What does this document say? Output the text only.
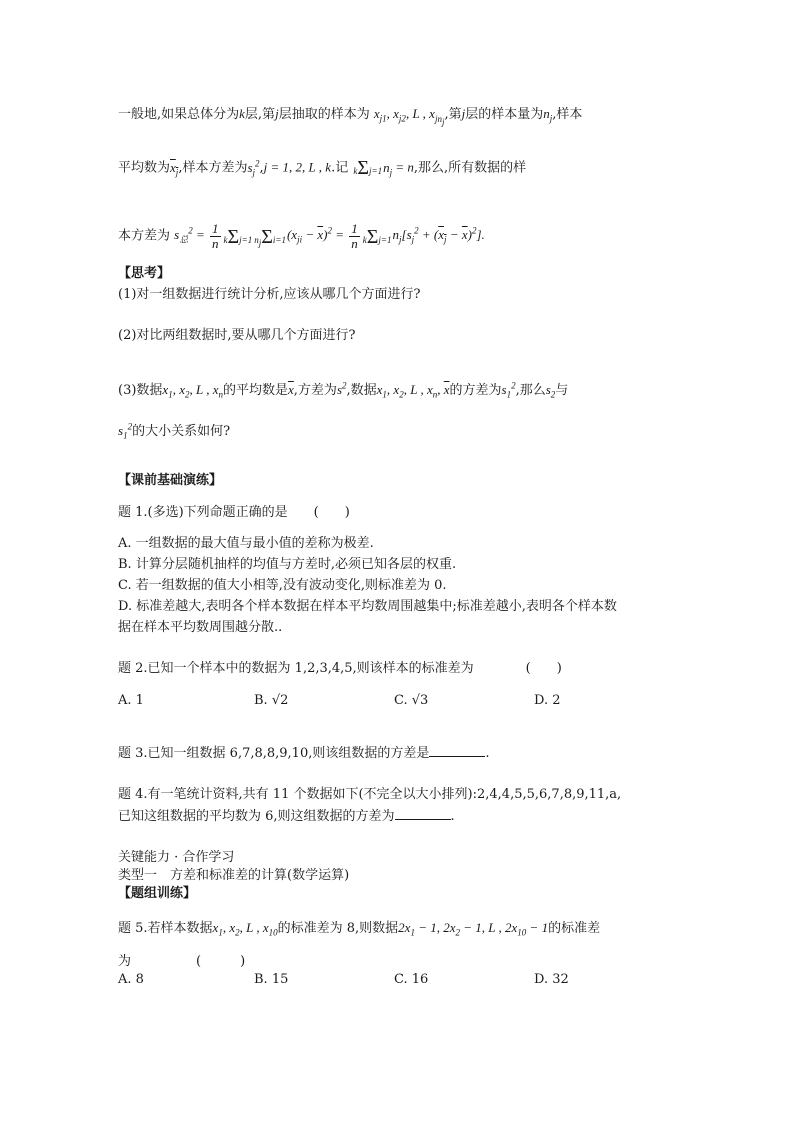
一般地,如果总体分为k层,第j层抽取的样本为 $x_{j1}$, $x_{j2}$, L , $x_{jn_j}$,第j层的样本量为$n_j$,样本
平均数为$x_j$,样本方差为$s_j^2,j = 1$, 2, L , k.记 $k\Sigma j=1n_j = n$,那么,所有数据的样
本方差为 $s_总^2 = \frac{1}{n} k\Sigma j=1$ $n_j\Sigma i=1(x_{ji} - \overline{x})^2 = \frac{1}{n} k\Sigma j=1n_j[s_j^2 + (x_j - \overline{x})^2]$.
【思考】
(1)对一组数据进行统计分析,应该从哪几个方面进行?
(2)对比两组数据时,要从哪几个方面进行?
(3)数据$x_1$, $x_2$, L , $x_n$的平均数是$\overline{x}$,方差为$s^2$,数据$x_1$, $x_2$, L , $x_n$, $\overline{x}$的方差为$s_1^2$,那么$s_2$与
$s_1^2$的大小关系如何?
【课前基础演练】
题 1.(多选)下列命题正确的是　　(　　)
A. 一组数据的最大值与最小值的差称为极差.
B. 计算分层随机抽样的均值与方差时,必须已知各层的权重.
C. 若一组数据的值大小相等,没有波动变化,则标准差为 0.
D. 标准差越大,表明各个样本数据在样本平均数周围越集中;标准差越小,表明各个样本数
据在样本平均数周围越分散..
题 2.已知一个样本中的数据为 1,2,3,4,5,则该样本的标准差为　　　　(　　)
A. 1	B. √2	C. √3	D. 2
题 3.已知一组数据 6,7,8,8,9,10,则该组数据的方差是	.
题 4.有一笔统计资料,共有 11 个数据如下(不完全以大小排列):2,4,4,5,5,6,7,8,9,11,a,
已知这组数据的平均数为 6,则这组数据的方差为	.
关键能力 · 合作学习
类型一　方差和标准差的计算(数学运算)
【题组训练】
题 5.若样本数据$x_1$, $x_2$, L , $x_{10}$的标准差为 8,则数据$2x_1 - 1$, $2x_2 - 1$, L , $2x_{10} - 1$的标准差
为　　　　　(　　　)
A. 8	B. 15	C. 16	D. 32
